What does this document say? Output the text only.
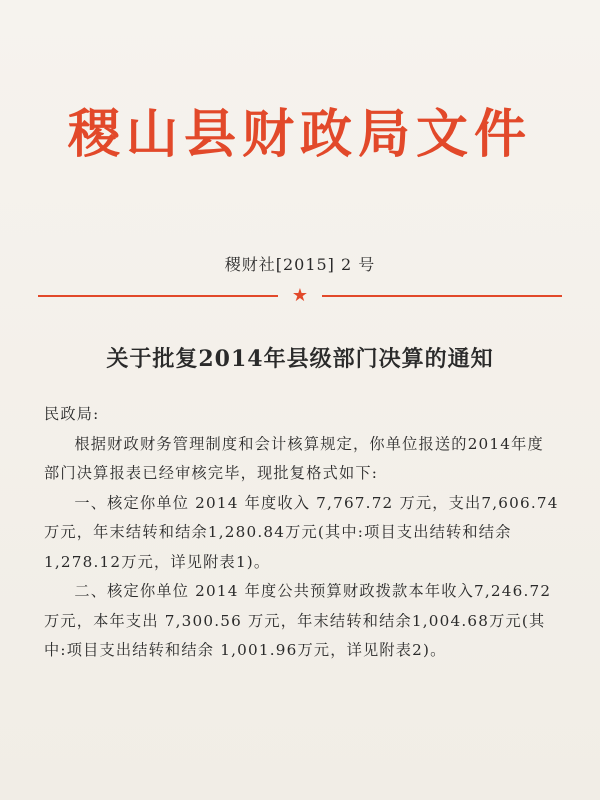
稷山县财政局文件
稷财社[2015] 2 号
★
关于批复2014年县级部门决算的通知

民政局:

根据财政财务管理制度和会计核算规定，你单位报送的2014年度部门决算报表已经审核完毕，现批复格式如下:

一、核定你单位 2014 年度收入 7,767.72 万元，支出7,606.74万元，年末结转和结余1,280.84万元(其中:项目支出结转和结余 1,278.12万元，详见附表1)。

二、核定你单位 2014 年度公共预算财政拨款本年收入7,246.72 万元，本年支出 7,300.56 万元，年末结转和结余1,004.68万元(其中:项目支出结转和结余 1,001.96万元，详见附表2)。
